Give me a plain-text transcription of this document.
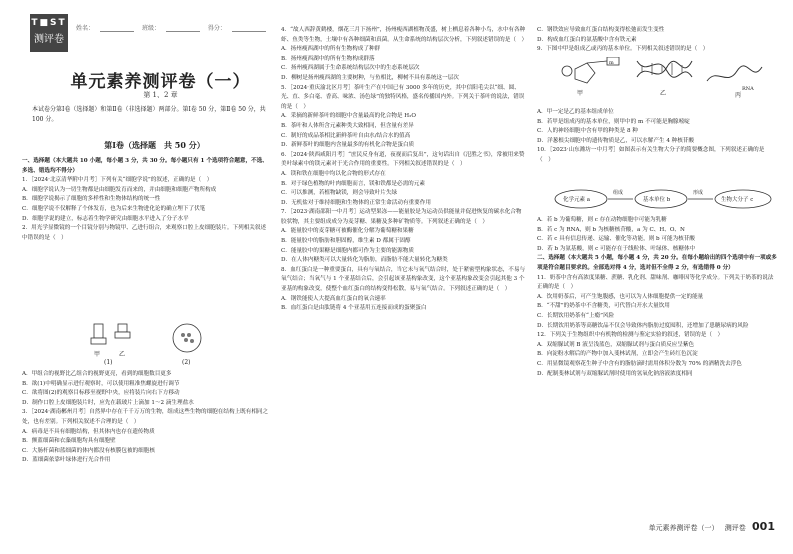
T■ST
测评卷
姓名：	班级：	得分：
单元素养测评卷（一）
第 1、2 章
本试卷分第Ⅰ卷（选择题）和第Ⅱ卷（非选择题）两部分。第Ⅰ卷 50 分，第Ⅱ卷 50 分，共 100 分。
第Ⅰ卷（选择题　共 50 分）

一、选择题（本大题共 10 小题，每小题 3 分，共 30 分。每小题只有 1 个选项符合题意，不选、多选、错选均不得分）

1．［2024·北京清华附中月考］下列有关“细胞学说”的叙述，正确的是（　）

A．细胞学说认为一切生物都是由细胞发育而来的，并由细胞和细胞产物所构成

B．细胞学说揭示了细胞的多样性和生物体结构的统一性

C．细胞学说不仅解释了个体发育，也为后来生物进化论的确立埋下了伏笔

D．细胞学说的建立，标志着生物学研究由细胞水平进入了分子水平

2．用光学显微镜的一个目镜分别与物镜甲、乙进行组合，来观察口腔上皮细胞装片。下列相关叙述中错误的是（　）

甲	乙
(1)	(2)

A．甲组合的视野比乙组合的视野更亮，看到的细胞数目更多

B．欲(1)中明确显示进行观察时，可以使用粗准焦螺旋进行调节

C．欲将图(2)的观察目标移至视野中央，应将装片向右下方移动

D．制作口腔上皮细胞装片时，应先在载玻片上滴加 1～2 滴生理盐水

3．［2024·湖南郴州月考］自然界中存在千千万万的生物，组成这些生物的细胞在结构上既有相同之处，也有差别。下列相关叙述不合理的是（　）

A．病毒是不具有细胞结构，但其体内也存在遗传物质

B．颤蓝细菌和衣藻细胞均具有细胞壁

C．大肠杆菌和蓝细菌的体内都没有核膜包被的细胞核

D．蓝细菌依靠叶绿体进行光合作用

4．“故人西辞黄鹤楼，烟花三月下扬州”，扬州瘦西湖植物茂盛，树上栖息着各种小鸟，水中有各种虾、鱼类等生物，土壤中有各种细菌和真菌。从生命系统的结构层次分析，下列叙述错误的是（　）

A．扬州瘦西湖中的所有生物构成了种群

B．扬州瘦西湖中的所有生物构成群落

C．扬州瘦西湖属于生命系统结构层次中的生态系统层次

D．柳树是扬州瘦西湖的主要树种，与鱼相比，柳树不具有系统这一层次

5．［2024·重庆渝北区月考］茶叶生产在中国已有 3000 多年的历史，其中信阳毛尖以“细、圆、光、直、多白毫、香高、味浓、汤色绿”的独特风格，盛名传播国内外。下列关于茶叶的说法，错误的是（　）

A．采摘的新鲜茶叶的细胞中含量最高的化合物是 H₂O

B．茶叶和人体所含元素种类大致相同，但含量有差异

C．制好的成品茶相比新鲜茶叶自由水/结合水的值高

D．新鲜茶叶的细胞内含量最多的有机化合物是蛋白质

6．［2024·陕西咸阳月考］“庶民反身有道，夜视而后复出”，这句话出自《氾胜之书》，常被用来赞美叶绿素中的镁元素对于光合作用的重要性。下列相关叙述错误的是（　）

A．镁和铁在细胞中均以化合物的形式存在

B．对于绿色植物的叶肉细胞而言，镁和铁都是必需的元素

C．可以推测，若植物缺镁，则会导致叶片失绿

D．无机盐对于维持细胞和生物体的正常生命活动有重要作用

7．［2023·湖南邵阳一中月考］运动型果冻——能量胶是为运动员供能量并促进恢复的碳水化合物胶状物，其主要组成成分为麦芽糖、果糖及多种矿物质等。下列叙述正确的是（　）

A．能量胶中的麦芽糖可被酶催化分解为葡萄糖和果糖

B．能量胶中的脂肪和胆固醇，维生素 D 都属于固醇

C．能量胶中的果糖是细胞内都可作为主要的能源物质

D．在人体内糖类可以大量转化为脂肪，而脂肪不能大量转化为糖类

8．血红蛋白是一种重要蛋白，具有与氧结合，当它未与氧气结合时，处于紧密型构象状态，不易与氧气结合；当氧气与 1 个亚基结合后，会引起该亚基构象改变，这个亚基构象改变会引起其他 3 个亚基的构象改变，使整个血红蛋白的结构变得松散，易与氧气结合。下列叙述正确的是（　）

A．钢铁能使人大提高血红蛋白的氧合速率

B．血红蛋白是由肽链将 4 个亚基用五连接而成的蛋聚蛋白

C．钢铁效应导致血红蛋白结构变得松弛而发生变性

D．构成血红蛋白的氨基酸中含有铁元素

9．下图中甲是组成乙或丙的基本单位。下列相关叙述错误的是（　）

m
甲	乙	丙
RNA

A．甲一定是乙的基本组成单位

B．若甲是组成丙的基本单位，则甲中的 m 不可能是胸腺嘧啶

C．人的神经细胞中含有甲的种类是 8 种

D．洋葱根尖细胞中的遗传物质是乙，可以水解产生 4 种核苷酸

10．［2023·山东潍坊一中月考］如图表示有关生物大分子的简要概念图，下列叙述正确的是（　）

化学元素 a
组成
基本单位 b
形成
生物大分子 c

A．若 b 为葡萄糖，则 c 存在动物细胞中可能为乳糖

B．若 c 为 RNA，则 b 为核糖核苷酸，a 为 C、H、O、N

C．若 c 具有信息传递、运输、催化等功能，则 b 可能为核苷酸

D．若 b 为氨基酸，则 c 可能存在于线粒体、叶绿体、核糖体中

二、选择题（本大题共 5 小题，每小题 4 分，共 20 分。在每小题给出的四个选项中有一项或多项是符合题目要求的。全部选对得 4 分，选对但不全得 2 分，有选错得 0 分）

11．奶茶中含有高浓度果糖、蔗糖、乳化剂、甜味剂、咖啡因等化学成分。下列关于奶茶的说法正确的是（　）

A．饮用奶茶后，可产生饱腹感，也可以为人体细胞提供一定的能量

B．“不甜”的奶茶中不含糖类，可代替白开水大量饮用

C．长期饮用奶茶有“上瘾”风险

D．长期饮用奶茶等高糖饮品不仅会导致体内脂肪过度囤积，还增加了患糖尿病的风险

12．下列关于生物组织中有机物的检测与鉴定实验的叙述，错误的是（　）

A．双缩脲试剂 B 液呈浅蓝色，双缩脲试剂与蛋白质反应呈紫色

B．向淀粉水解后的产物中加入斐林试剂，立即会产生砖红色沉淀

C．用显微镜观察花生种子中含有的脂肪滴时需用体积分数为 70% 的酒精洗去浮色

D．配制斐林试剂与双缩脲试剂时使用的氢氧化钠溶液浓度相同

单元素养测评卷（一） 测评卷 001
